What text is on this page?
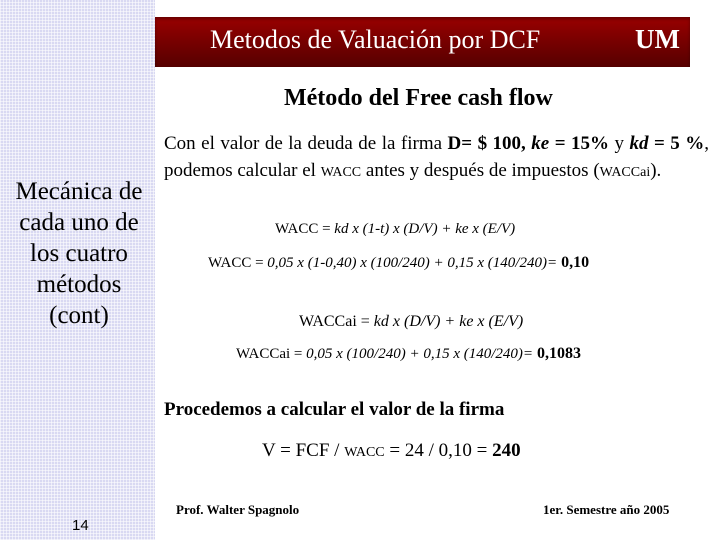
Metodos de Valuación por DCF	UM
Método del Free cash flow
Mecánica de cada uno de los cuatro métodos (cont)
Con el valor de la deuda de la firma D= $ 100, ke = 15% y kd = 5 %, podemos calcular el WACC antes y después de impuestos (WACCai).
WACC = kd x (1-t) x (D/V) + ke x (E/V)
WACC = 0,05 x (1-0,40) x (100/240) + 0,15 x (140/240)= 0,10
WACCai = kd x (D/V) + ke x (E/V)
WACCai = 0,05 x (100/240) + 0,15 x (140/240)= 0,1083
Procedemos a calcular el valor de la firma
V = FCF / WACC = 24 / 0,10 = 240
Prof. Walter Spagnolo	1er. Semestre año 2005
14
